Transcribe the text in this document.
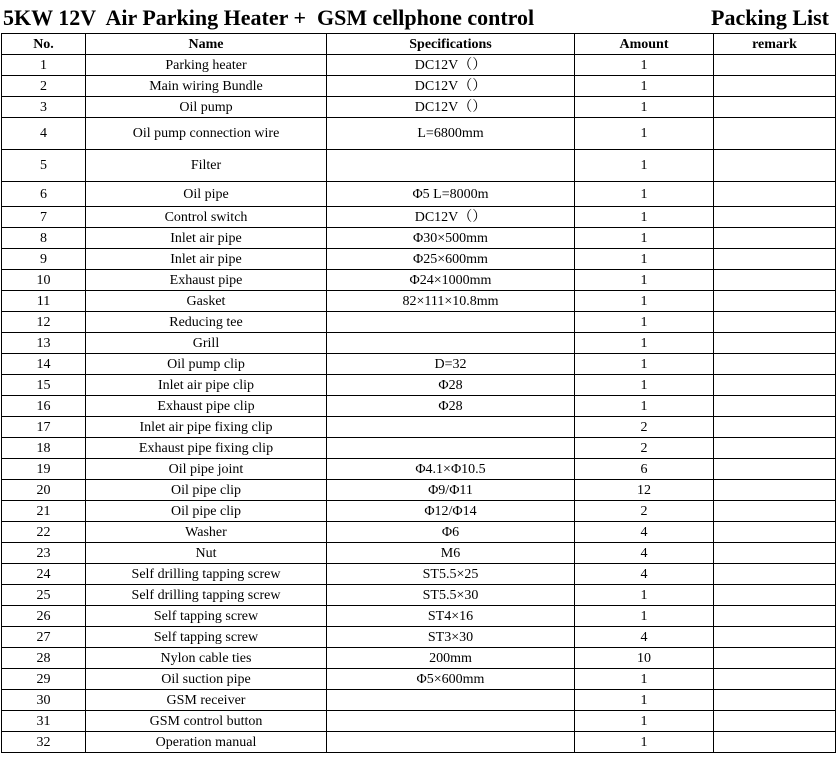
5KW 12V  Air Parking Heater +  GSM cellphone control	Packing List
No.	Name	Specifications	Amount	remark
1	Parking heater	DC12V（）	1	
2	Main wiring Bundle	DC12V（）	1	
3	Oil pump	DC12V（）	1	
4	Oil pump connection wire	L=6800mm	1	
5	Filter		1	
6	Oil pipe	Φ5 L=8000m	1	
7	Control switch	DC12V（）	1	
8	Inlet air pipe	Φ30×500mm	1	
9	Inlet air pipe	Φ25×600mm	1	
10	Exhaust pipe	Φ24×1000mm	1	
11	Gasket	82×111×10.8mm	1	
12	Reducing tee		1	
13	Grill		1	
14	Oil pump clip	D=32	1	
15	Inlet air pipe clip	Φ28	1	
16	Exhaust pipe clip	Φ28	1	
17	Inlet air pipe fixing clip		2	
18	Exhaust pipe fixing clip		2	
19	Oil pipe joint	Φ4.1×Φ10.5	6	
20	Oil pipe clip	Φ9/Φ11	12	
21	Oil pipe clip	Φ12/Φ14	2	
22	Washer	Φ6	4	
23	Nut	M6	4	
24	Self drilling tapping screw	ST5.5×25	4	
25	Self drilling tapping screw	ST5.5×30	1	
26	Self tapping screw	ST4×16	1	
27	Self tapping screw	ST3×30	4	
28	Nylon cable ties	200mm	10	
29	Oil suction pipe	Φ5×600mm	1	
30	GSM receiver		1	
31	GSM control button		1	
32	Operation manual		1	
